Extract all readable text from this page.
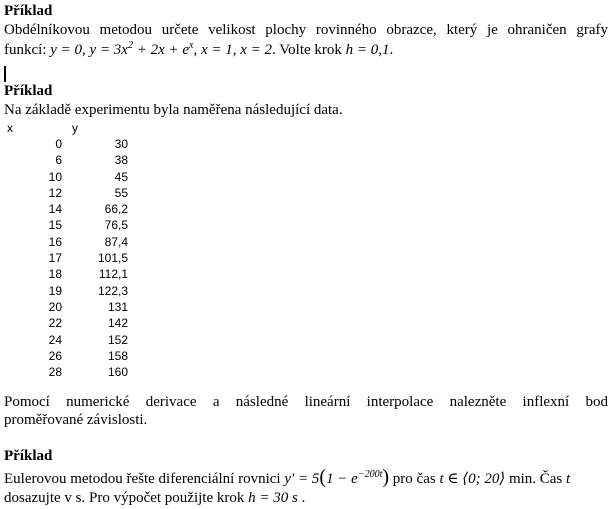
Příklad
Obdélníkovou metodou určete velikost plochy rovinného obrazce, který je ohraničen grafy
funkcí: y = 0, $y = 3x^2 + 2x + e^x$, x = 1, x = 2. Volte krok h = 0,1.
Příklad
Na základě experimentu byla naměřena následující data.
x	y
0	30
6	38
10	45
12	55
14	66,2
15	76,5
16	87,4
17	101,5
18	112,1
19	122,3
20	131
22	142
24	152
26	158
28	160
Pomocí numerické derivace a následné lineární interpolace nalezněte inflexní bod
proměřované závislosti.
Příklad
Eulerovou metodou řešte diferenciální rovnici $y' = 5(1 - e^{-200t})$ pro čas t ∈ ⟨0; 20⟩ min. Čas t
dosazujte v s. Pro výpočet použijte krok h = 30 s .
